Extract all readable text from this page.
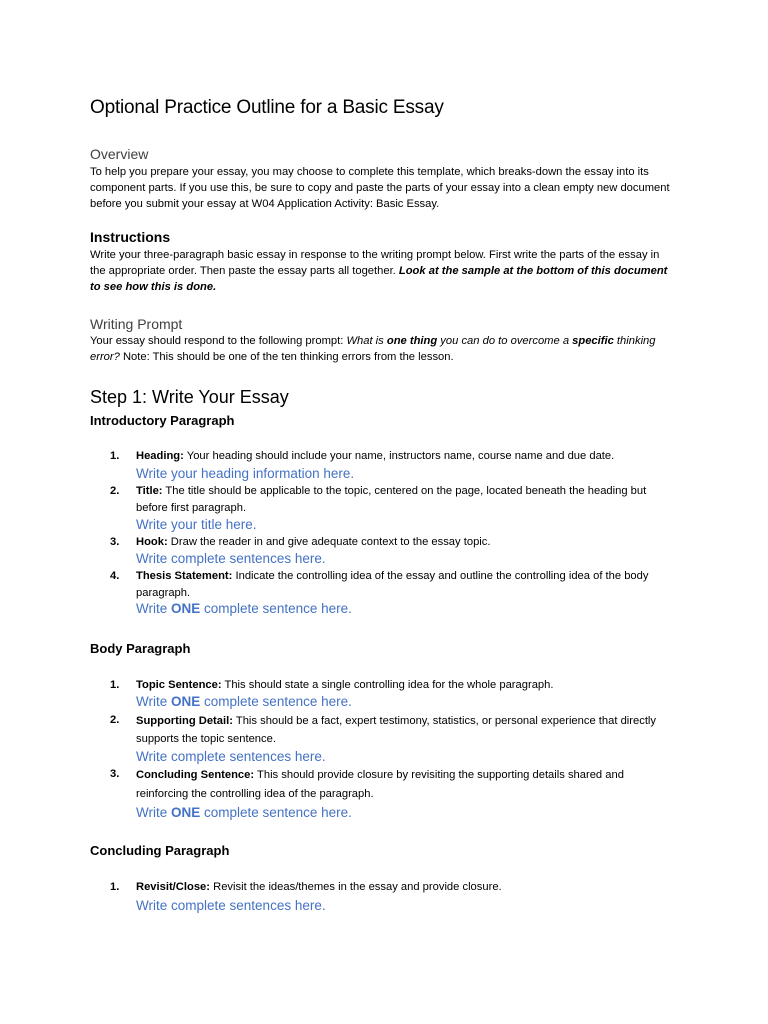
Optional Practice Outline for a Basic Essay
Overview

To help you prepare your essay, you may choose to complete this template, which breaks-down the essay into its component parts. If you use this, be sure to copy and paste the parts of your essay into a clean empty new document before you submit your essay at W04 Application Activity: Basic Essay.

Instructions

Write your three-paragraph basic essay in response to the writing prompt below. First write the parts of the essay in the appropriate order. Then paste the essay parts all together. Look at the sample at the bottom of this document to see how this is done.

Writing Prompt

Your essay should respond to the following prompt: What is one thing you can do to overcome a specific thinking error? Note: This should be one of the ten thinking errors from the lesson.

Step 1: Write Your Essay
Introductory Paragraph
1. Heading: Your heading should include your name, instructors name, course name and due date.
Write your heading information here.
2. Title: The title should be applicable to the topic, centered on the page, located beneath the heading but before first paragraph.
Write your title here.
3. Hook: Draw the reader in and give adequate context to the essay topic.
Write complete sentences here.
4. Thesis Statement: Indicate the controlling idea of the essay and outline the controlling idea of the body paragraph.
Write ONE complete sentence here.
Body Paragraph
1. Topic Sentence: This should state a single controlling idea for the whole paragraph.
Write ONE complete sentence here.
2. Supporting Detail: This should be a fact, expert testimony, statistics, or personal experience that directly supports the topic sentence.
Write complete sentences here.
3. Concluding Sentence: This should provide closure by revisiting the supporting details shared and reinforcing the controlling idea of the paragraph.
Write ONE complete sentence here.
Concluding Paragraph
1. Revisit/Close: Revisit the ideas/themes in the essay and provide closure.
Write complete sentences here.
